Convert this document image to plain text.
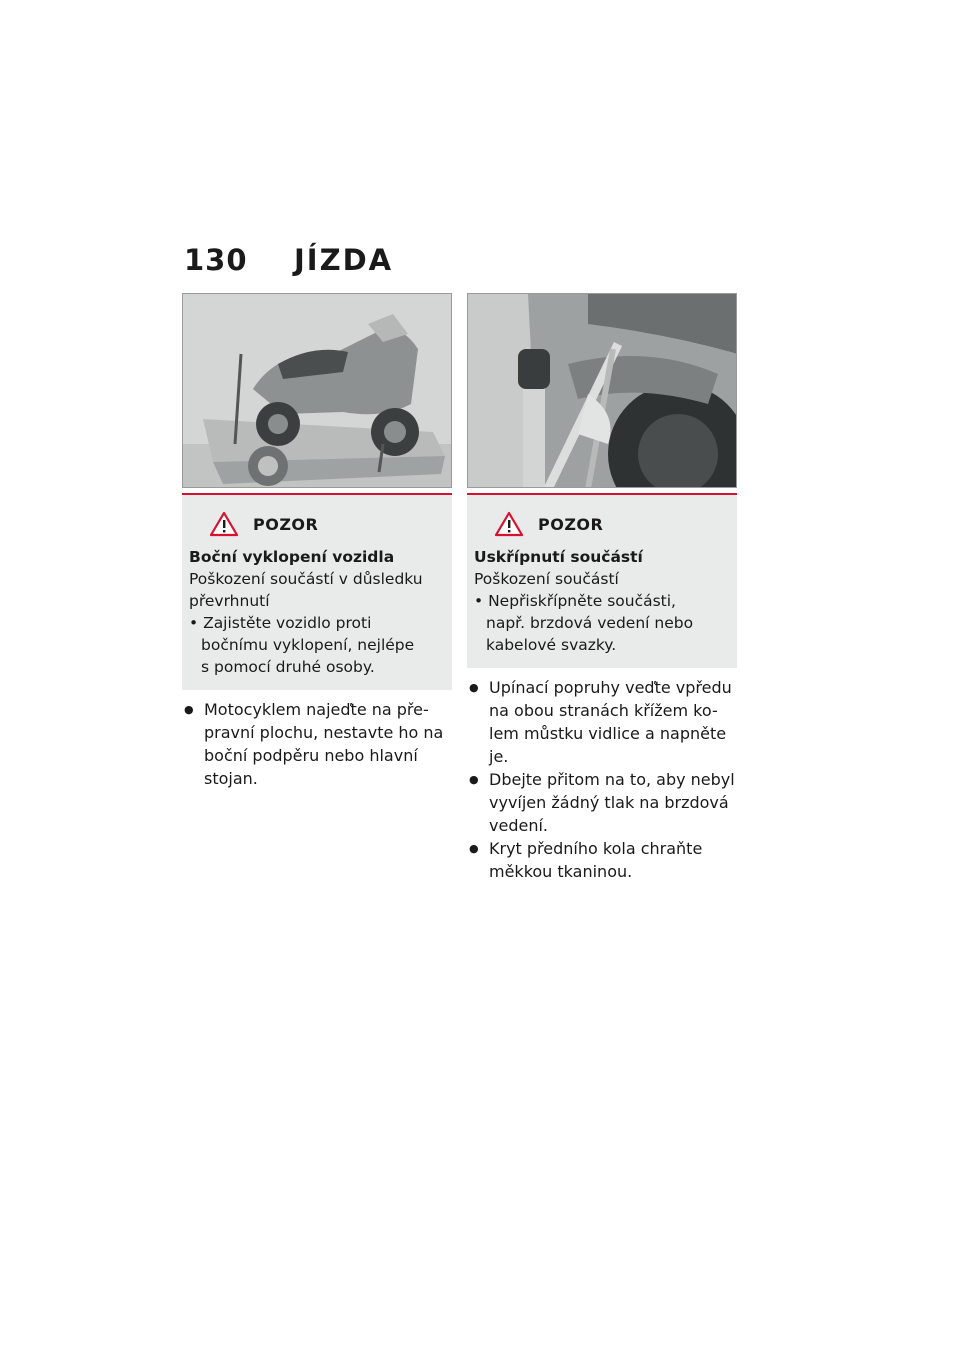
130	JÍZDA
POZOR
Boční vyklopení vozidla
Poškození součástí v důsledku
převrhnutí
• Zajistěte vozidlo proti
bočnímu vyklopení, nejlépe
s pomocí druhé osoby.
● Motocyklem najeďte na pře-
pravní plochu, nestavte ho na
boční podpěru nebo hlavní
stojan.
POZOR
Uskřípnutí součástí
Poškození součástí
• Nepřiskřípněte součásti,
např. brzdová vedení nebo
kabelové svazky.
● Upínací popruhy veďte vpředu
na obou stranách křížem ko-
lem můstku vidlice a napněte
je.
● Dbejte přitom na to, aby nebyl
vyvíjen žádný tlak na brzdová
vedení.
● Kryt předního kola chraňte
měkkou tkaninou.
